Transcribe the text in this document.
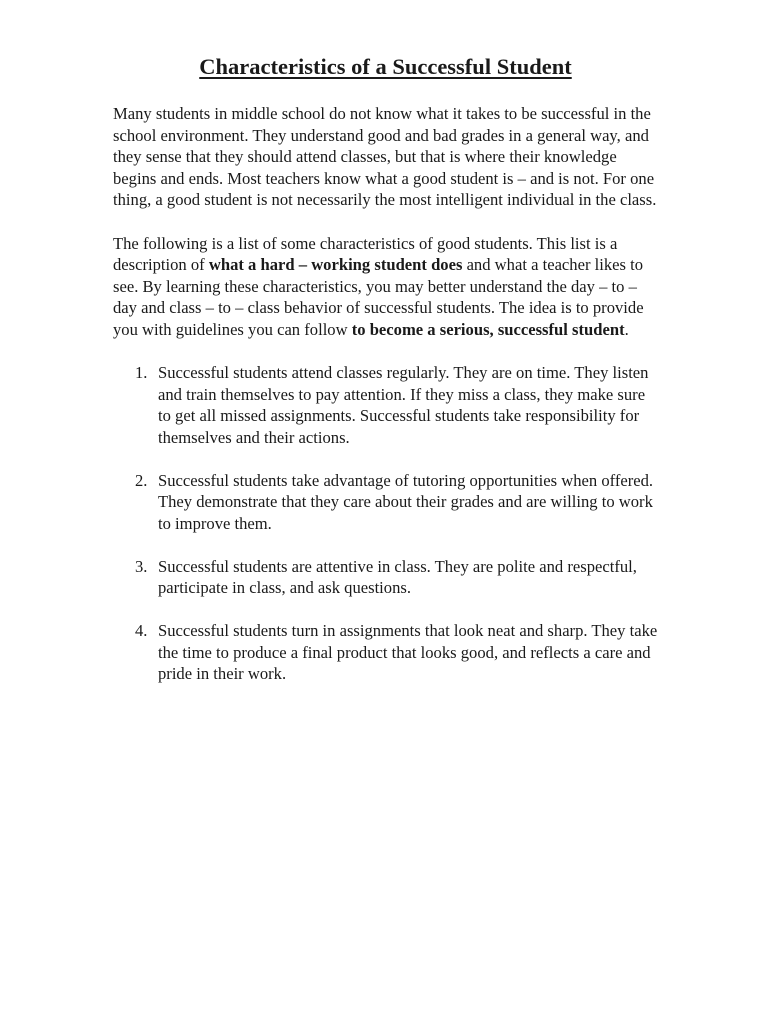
Characteristics of a Successful Student

Many students in middle school do not know what it takes to be successful in the school environment. They understand good and bad grades in a general way, and they sense that they should attend classes, but that is where their knowledge begins and ends. Most teachers know what a good student is – and is not. For one thing, a good student is not necessarily the most intelligent individual in the class.

The following is a list of some characteristics of good students. This list is a description of what a hard – working student does and what a teacher likes to see. By learning these characteristics, you may better understand the day – to – day and class – to – class behavior of successful students. The idea is to provide you with guidelines you can follow to become a serious, successful student.

1. Successful students attend classes regularly. They are on time. They listen and train themselves to pay attention. If they miss a class, they make sure to get all missed assignments. Successful students take responsibility for themselves and their actions.
2. Successful students take advantage of tutoring opportunities when offered. They demonstrate that they care about their grades and are willing to work to improve them.
3. Successful students are attentive in class. They are polite and respectful, participate in class, and ask questions.
4. Successful students turn in assignments that look neat and sharp. They take the time to produce a final product that looks good, and reflects a care and pride in their work.
